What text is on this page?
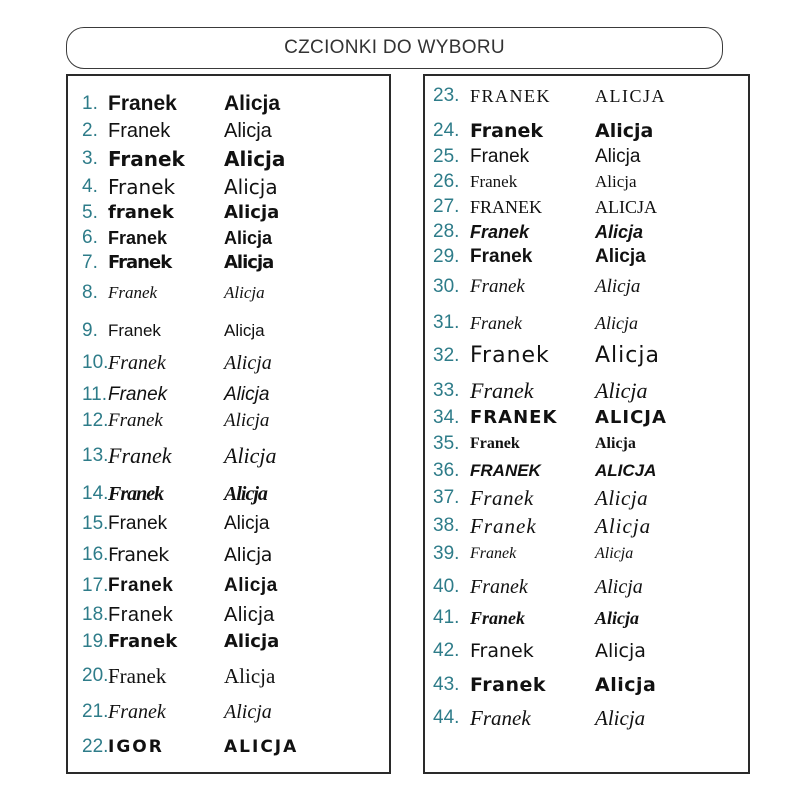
CZCIONKI DO WYBORU
1. Franek Alicja
2. Franek	Alicja
3. Franek Alicja
4. Franek Alicja
5. franek	Alicja
6. Franek	Alicja
7. Franek	Alicja
8. Franek	Alicja
9. Franek	Alicja
10. Franek	Alicja
11. Franek	Alicja
12. Franek	Alicja
13. Franek Alicja
14. Franek	Alicja
15. Franek	Alicja
16. Franek	Alicja
17. Franek	Alicja
18. Franek	Alicja
19. Franek	Alicja
20. Franek	Alicja
21. Franek	Alicja
22. IGOR	ALICJA
23. FRANEK ALICJA
24. Franek	Alicja
25. Franek	Alicja
26. Franek	Alicja
27. FRANEK	ALICJA
28. Franek	Alicja
29. Franek	Alicja
30. Franek	Alicja
31. Franek	Alicja
32. Franek Alicja
33. Franek	Alicja
34. FRANEK ALICJA
35. Franek	Alicja
36. FRANEK	ALICJA
37. Franek	Alicja
38. Franek	Alicja
39. Franek	Alicja
40. Franek	Alicja
41. Franek	Alicja
42. Franek	Alicja
43. Franek	Alicja
44. Franek	Alicja
